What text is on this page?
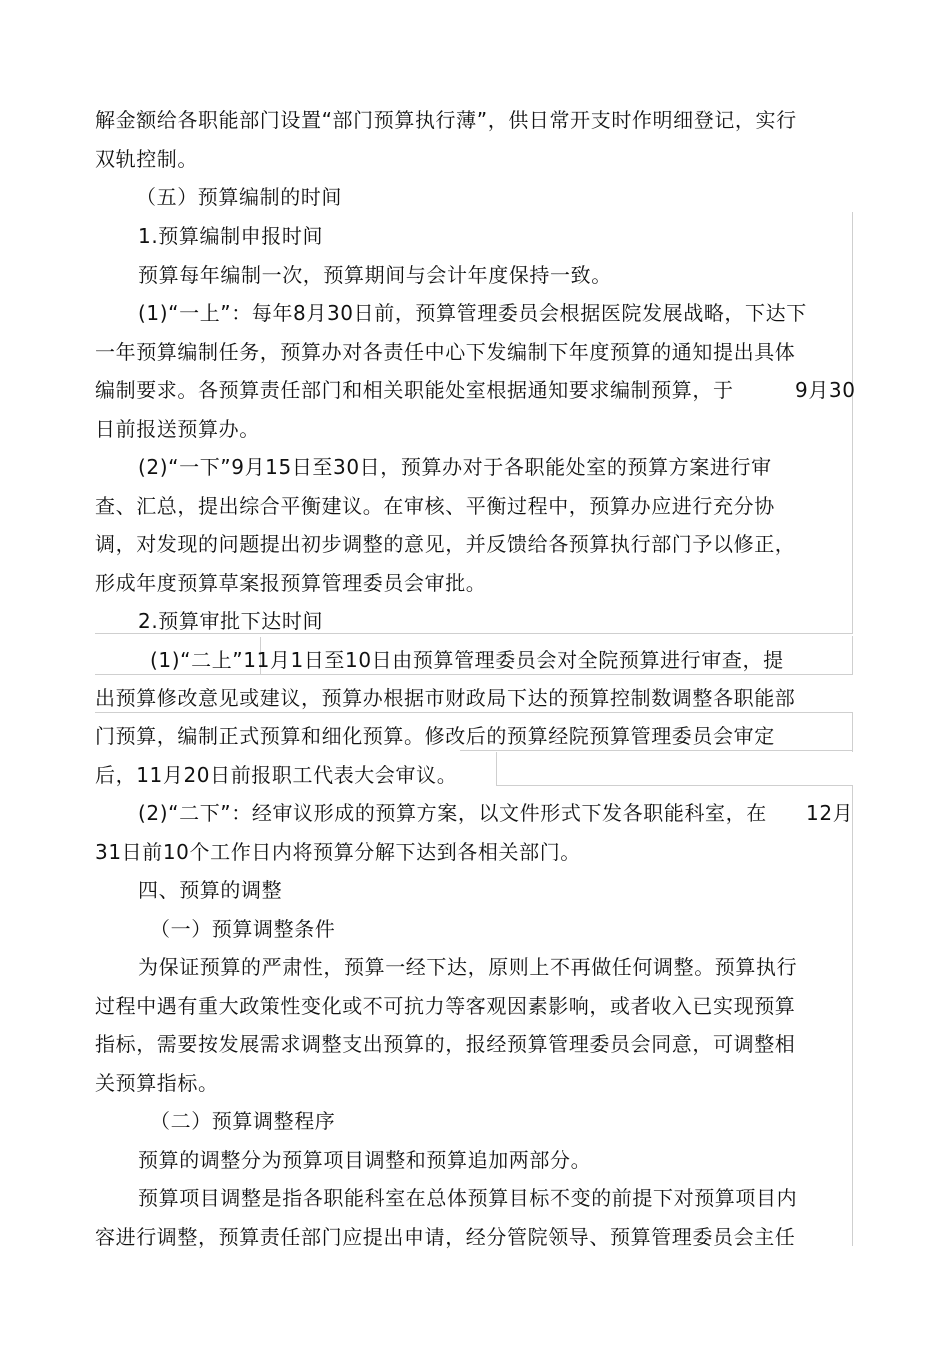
解金额给各职能部门设置“部门预算执行薄”，供日常开支时作明细登记，实行
双轨控制。
（五）预算编制的时间
1.预算编制申报时间
预算每年编制一次，预算期间与会计年度保持一致。
(1)“一上”：每年8月30日前，预算管理委员会根据医院发展战略，下达下
一年预算编制任务，预算办对各责任中心下发编制下年度预算的通知提出具体
编制要求。各预算责任部门和相关职能处室根据通知要求编制预算，于	9月30
日前报送预算办。
(2)“一下”9月15日至30日，预算办对于各职能处室的预算方案进行审
查、汇总，提出综合平衡建议。在审核、平衡过程中，预算办应进行充分协
调，对发现的问题提出初步调整的意见，并反馈给各预算执行部门予以修正，
形成年度预算草案报预算管理委员会审批。
2.预算审批下达时间
(1)“二上”11月1日至10日由预算管理委员会对全院预算进行审查，提
出预算修改意见或建议，预算办根据市财政局下达的预算控制数调整各职能部
门预算，编制正式预算和细化预算。修改后的预算经院预算管理委员会审定
后，11月20日前报职工代表大会审议。
(2)“二下”：经审议形成的预算方案，以文件形式下发各职能科室，在 12月
31日前10个工作日内将预算分解下达到各相关部门。
四、预算的调整
（一）预算调整条件
为保证预算的严肃性，预算一经下达，原则上不再做任何调整。预算执行
过程中遇有重大政策性变化或不可抗力等客观因素影响，或者收入已实现预算
指标，需要按发展需求调整支出预算的，报经预算管理委员会同意，可调整相
关预算指标。
（二）预算调整程序
预算的调整分为预算项目调整和预算追加两部分。
预算项目调整是指各职能科室在总体预算目标不变的前提下对预算项目内
容进行调整，预算责任部门应提出申请，经分管院领导、预算管理委员会主任
